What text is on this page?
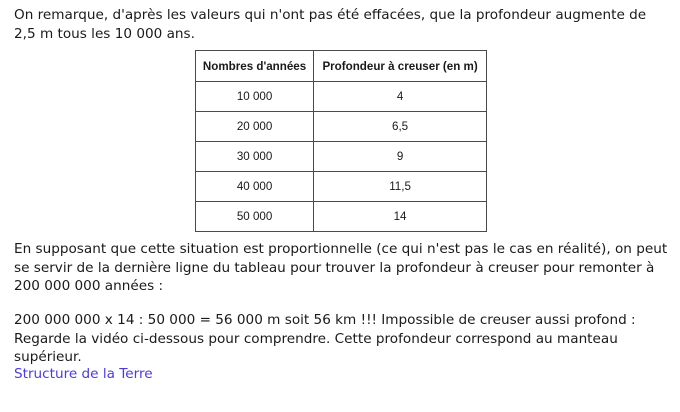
On remarque, d'après les valeurs qui n'ont pas été effacées, que la profondeur augmente de 2,5 m tous les 10 000 ans.

Nombres d'années	Profondeur à creuser (en m)
10 000	4
20 000	6,5
30 000	9
40 000	11,5
50 000	14

En supposant que cette situation est proportionnelle (ce qui n'est pas le cas en réalité), on peut se servir de la dernière ligne du tableau pour trouver la profondeur à creuser pour remonter à 200 000 000 années :

200 000 000 x 14 : 50 000 = 56 000 m soit 56 km !!! Impossible de creuser aussi profond : Regarde la vidéo ci-dessous pour comprendre. Cette profondeur correspond au manteau supérieur.

Structure de la Terre
